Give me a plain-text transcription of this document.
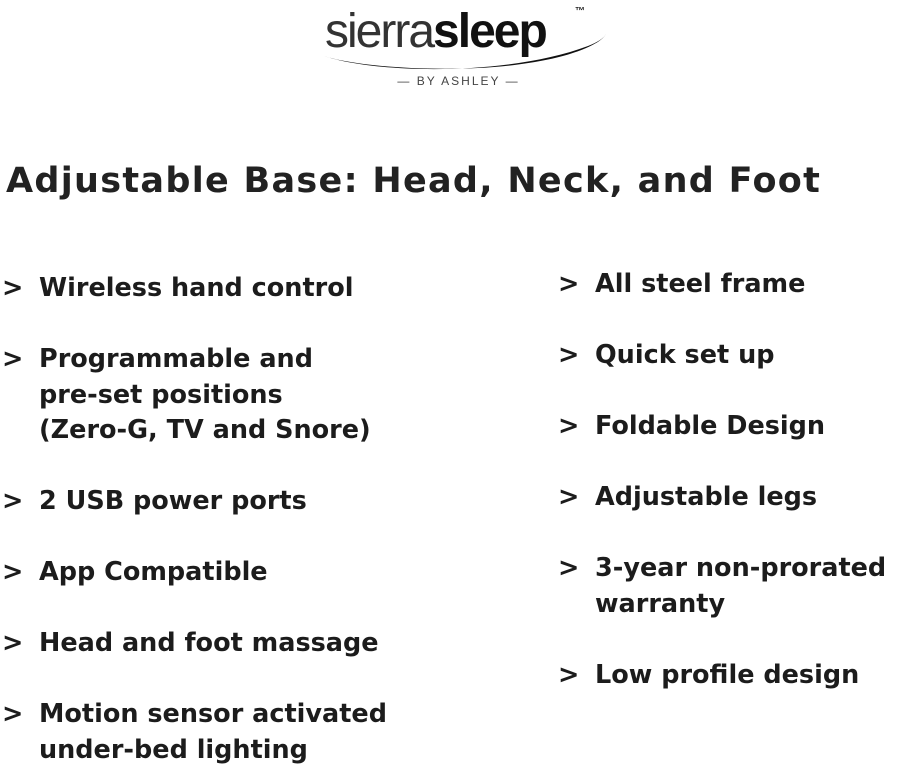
sierrasleep	™
— BY ASHLEY —
Adjustable Base: Head, Neck, and Foot
> Wireless hand control
> Programmable and
pre-set positions
(Zero-G, TV and Snore)
> 2 USB power ports
> App Compatible
> Head and foot massage
> Motion sensor activated
under-bed lighting
> All steel frame
> Quick set up
> Foldable Design
> Adjustable legs
> 3-year non-prorated
warranty
> Low profile design
